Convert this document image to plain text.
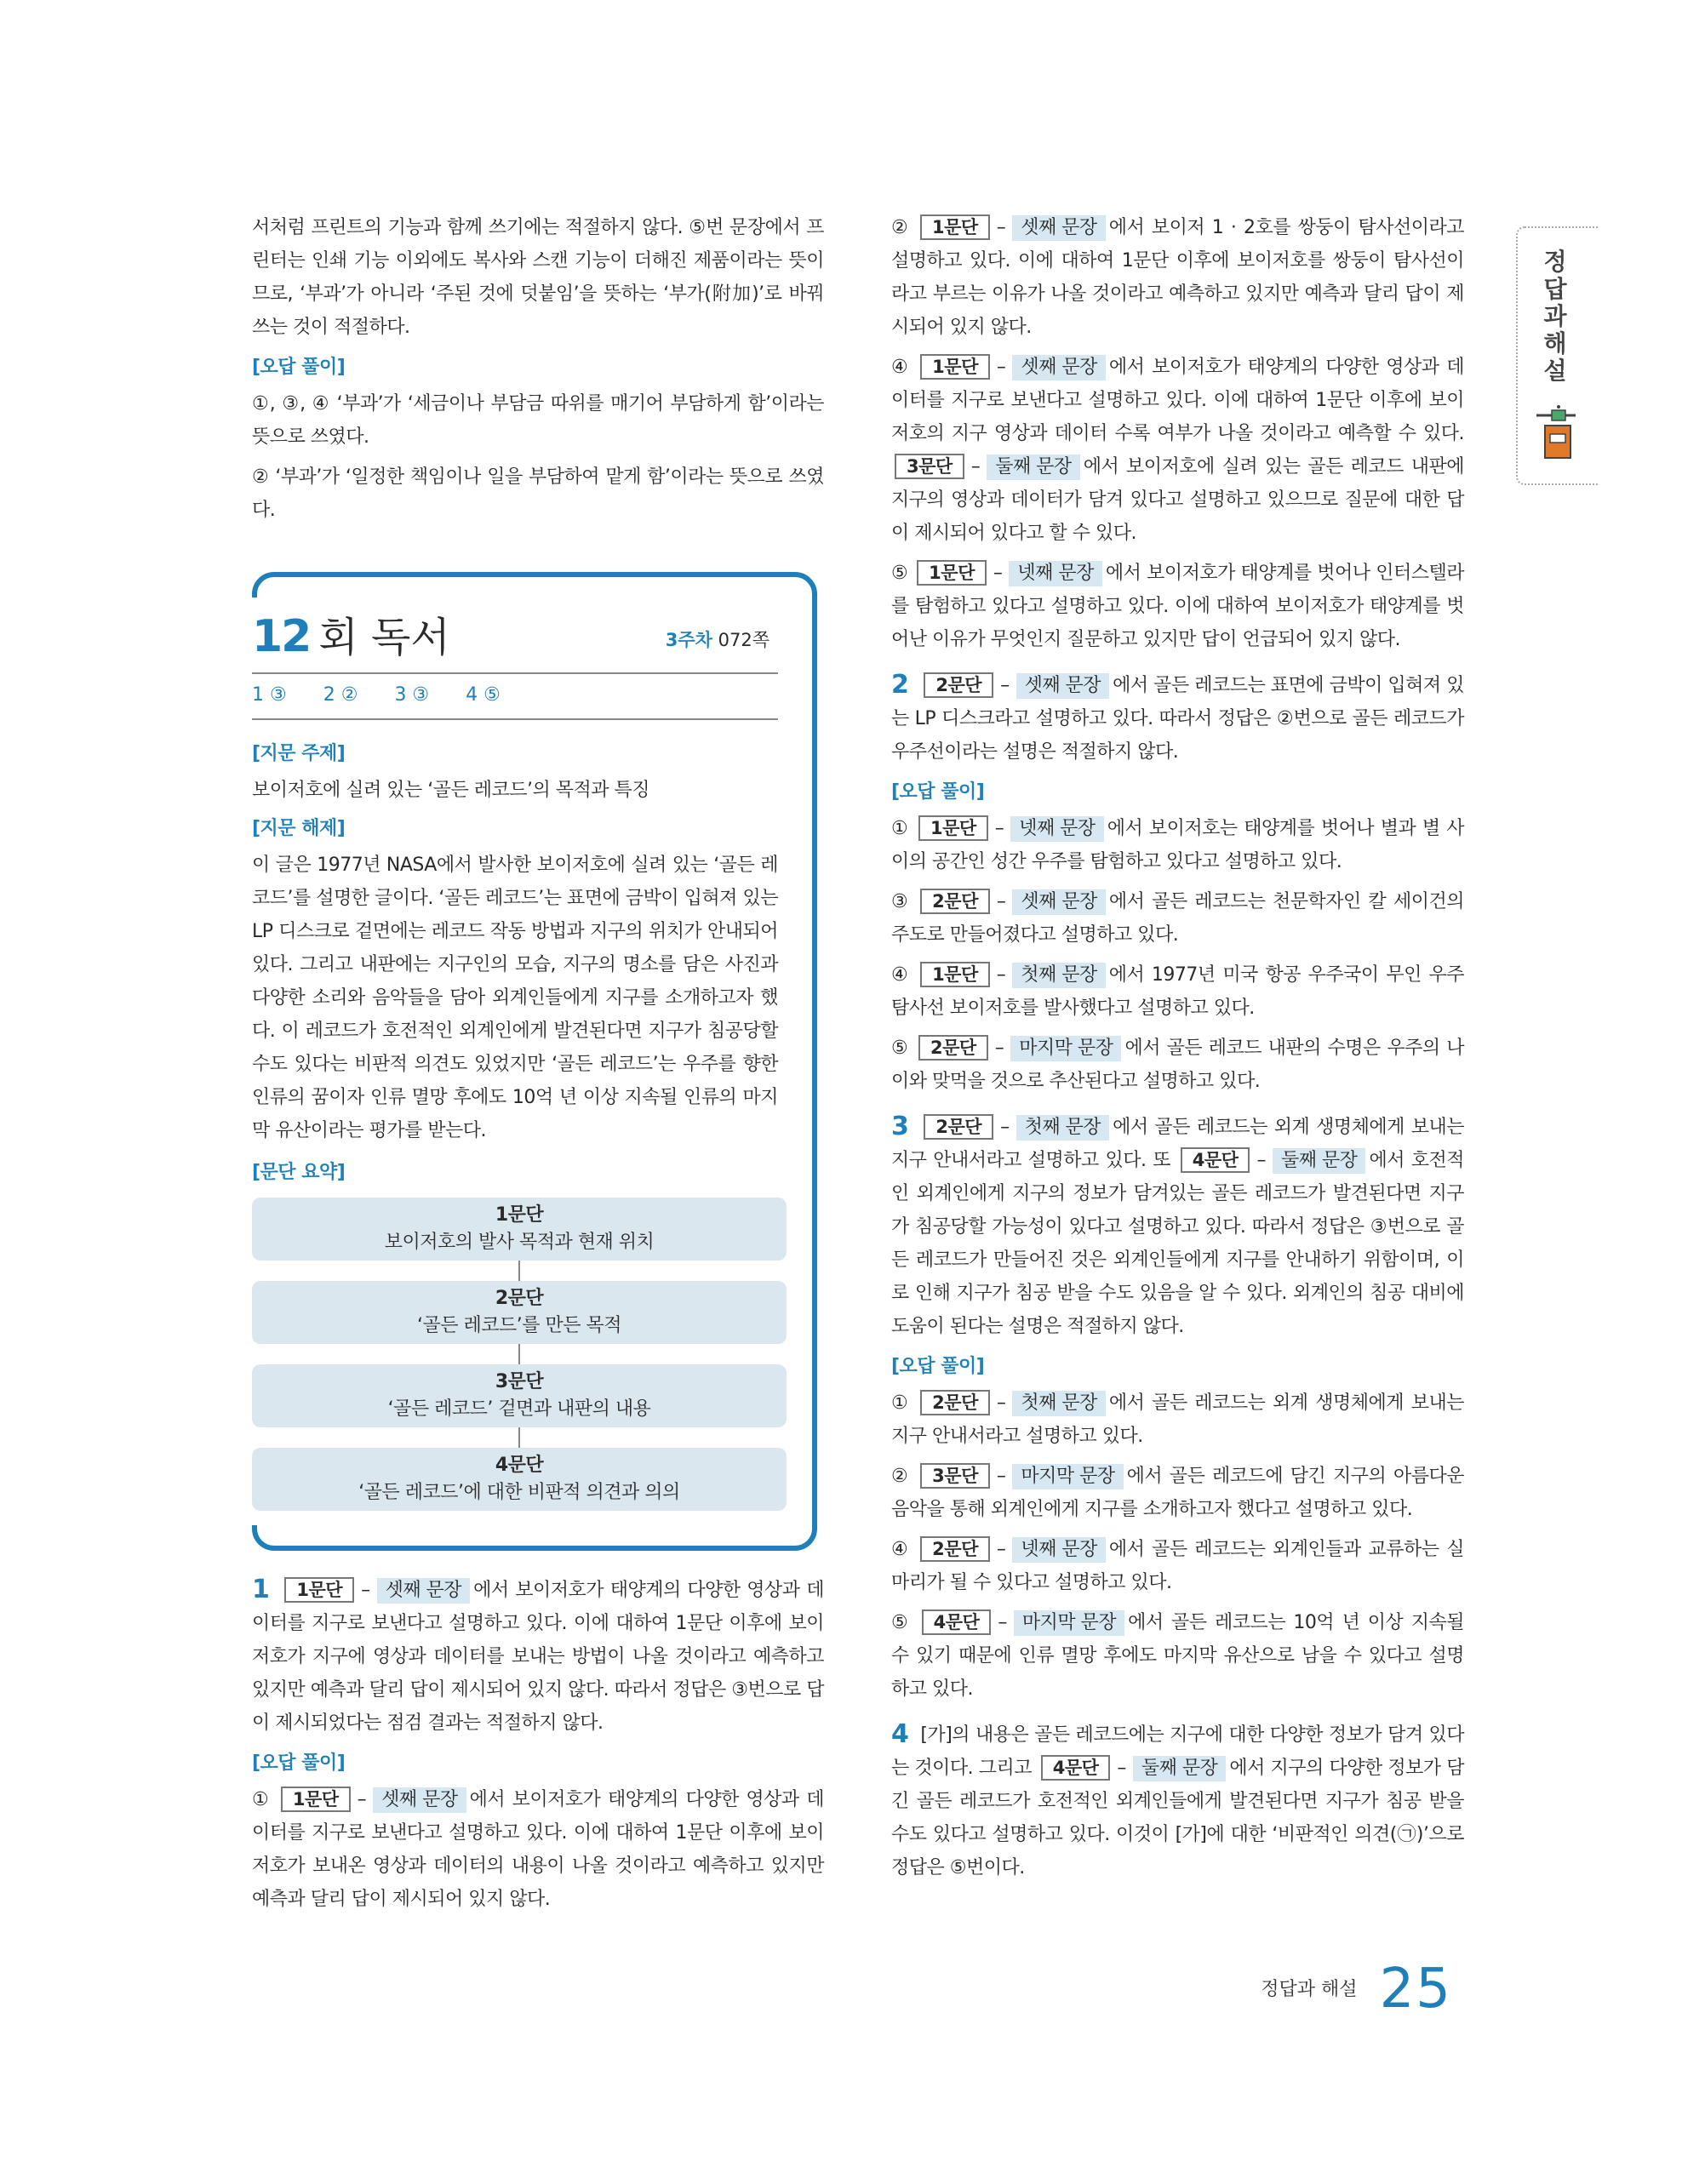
서처럼 프린트의 기능과 함께 쓰기에는 적절하지 않다. ⑤번 문장에서 프린터는 인쇄 기능 이외에도 복사와 스캔 기능이 더해진 제품이라는 뜻이므로, ‘부과’가 아니라 ‘주된 것에 덧붙임’을 뜻하는 ‘부가(附加)’로 바꿔 쓰는 것이 적절하다.

[오답 풀이]

①, ③, ④ ‘부과’가 ‘세금이나 부담금 따위를 매기어 부담하게 함’이라는 뜻으로 쓰였다.

② ‘부과’가 ‘일정한 책임이나 일을 부담하여 맡게 함’이라는 뜻으로 쓰였다.

12 회 독서	3주차 072쪽
1 ③ 2 ② 3 ③ 4 ⑤
[지문 주제]

보이저호에 실려 있는 ‘골든 레코드’의 목적과 특징

[지문 해제]

이 글은 1977년 NASA에서 발사한 보이저호에 실려 있는 ‘골든 레코드’를 설명한 글이다. ‘골든 레코드’는 표면에 금박이 입혀져 있는 LP 디스크로 겉면에는 레코드 작동 방법과 지구의 위치가 안내되어 있다. 그리고 내판에는 지구인의 모습, 지구의 명소를 담은 사진과 다양한 소리와 음악들을 담아 외계인들에게 지구를 소개하고자 했다. 이 레코드가 호전적인 외계인에게 발견된다면 지구가 침공당할 수도 있다는 비판적 의견도 있었지만 ‘골든 레코드’는 우주를 향한 인류의 꿈이자 인류 멸망 후에도 10억 년 이상 지속될 인류의 마지막 유산이라는 평가를 받는다.

[문단 요약]
1문단
보이저호의 발사 목적과 현재 위치
2문단
‘골든 레코드’를 만든 목적
3문단
‘골든 레코드’ 겉면과 내판의 내용
4문단
‘골든 레코드’에 대한 비판적 의견과 의의

1 1문단 – 셋째 문장 에서 보이저호가 태양계의 다양한 영상과 데이터를 지구로 보낸다고 설명하고 있다. 이에 대하여 1문단 이후에 보이저호가 지구에 영상과 데이터를 보내는 방법이 나올 것이라고 예측하고 있지만 예측과 달리 답이 제시되어 있지 않다. 따라서 정답은 ③번으로 답이 제시되었다는 점검 결과는 적절하지 않다.

[오답 풀이]

① 1문단 – 셋째 문장 에서 보이저호가 태양계의 다양한 영상과 데이터를 지구로 보낸다고 설명하고 있다. 이에 대하여 1문단 이후에 보이저호가 보내온 영상과 데이터의 내용이 나올 것이라고 예측하고 있지만 예측과 달리 답이 제시되어 있지 않다.

② 1문단 – 셋째 문장 에서 보이저 1 · 2호를 쌍둥이 탐사선이라고 설명하고 있다. 이에 대하여 1문단 이후에 보이저호를 쌍둥이 탐사선이라고 부르는 이유가 나올 것이라고 예측하고 있지만 예측과 달리 답이 제시되어 있지 않다.

④ 1문단 – 셋째 문장 에서 보이저호가 태양계의 다양한 영상과 데이터를 지구로 보낸다고 설명하고 있다. 이에 대하여 1문단 이후에 보이저호의 지구 영상과 데이터 수록 여부가 나올 것이라고 예측할 수 있다. 3문단 – 둘째 문장 에서 보이저호에 실려 있는 골든 레코드 내판에 지구의 영상과 데이터가 담겨 있다고 설명하고 있으므로 질문에 대한 답이 제시되어 있다고 할 수 있다.

⑤ 1문단 – 넷째 문장 에서 보이저호가 태양계를 벗어나 인터스텔라를 탐험하고 있다고 설명하고 있다. 이에 대하여 보이저호가 태양계를 벗어난 이유가 무엇인지 질문하고 있지만 답이 언급되어 있지 않다.

2 2문단 – 셋째 문장 에서 골든 레코드는 표면에 금박이 입혀져 있는 LP 디스크라고 설명하고 있다. 따라서 정답은 ②번으로 골든 레코드가 우주선이라는 설명은 적절하지 않다.

[오답 풀이]

① 1문단 – 넷째 문장 에서 보이저호는 태양계를 벗어나 별과 별 사이의 공간인 성간 우주를 탐험하고 있다고 설명하고 있다.

③ 2문단 – 셋째 문장 에서 골든 레코드는 천문학자인 칼 세이건의 주도로 만들어졌다고 설명하고 있다.

④ 1문단 – 첫째 문장 에서 1977년 미국 항공 우주국이 무인 우주 탐사선 보이저호를 발사했다고 설명하고 있다.

⑤ 2문단 – 마지막 문장 에서 골든 레코드 내판의 수명은 우주의 나이와 맞먹을 것으로 추산된다고 설명하고 있다.

3 2문단 – 첫째 문장 에서 골든 레코드는 외계 생명체에게 보내는 지구 안내서라고 설명하고 있다. 또 4문단 – 둘째 문장 에서 호전적인 외계인에게 지구의 정보가 담겨있는 골든 레코드가 발견된다면 지구가 침공당할 가능성이 있다고 설명하고 있다. 따라서 정답은 ③번으로 골든 레코드가 만들어진 것은 외계인들에게 지구를 안내하기 위함이며, 이로 인해 지구가 침공 받을 수도 있음을 알 수 있다. 외계인의 침공 대비에 도움이 된다는 설명은 적절하지 않다.

[오답 풀이]

① 2문단 – 첫째 문장 에서 골든 레코드는 외계 생명체에게 보내는 지구 안내서라고 설명하고 있다.

② 3문단 – 마지막 문장 에서 골든 레코드에 담긴 지구의 아름다운 음악을 통해 외계인에게 지구를 소개하고자 했다고 설명하고 있다.

④ 2문단 – 넷째 문장 에서 골든 레코드는 외계인들과 교류하는 실마리가 될 수 있다고 설명하고 있다.

⑤ 4문단 – 마지막 문장 에서 골든 레코드는 10억 년 이상 지속될 수 있기 때문에 인류 멸망 후에도 마지막 유산으로 남을 수 있다고 설명하고 있다.

4 [가]의 내용은 골든 레코드에는 지구에 대한 다양한 정보가 담겨 있다는 것이다. 그리고 4문단 – 둘째 문장 에서 지구의 다양한 정보가 담긴 골든 레코드가 호전적인 외계인들에게 발견된다면 지구가 침공 받을 수도 있다고 설명하고 있다. 이것이 [가]에 대한 ‘비판적인 의견(㉠)’으로 정답은 ⑤번이다.

정답과해설
정답과 해설 25
